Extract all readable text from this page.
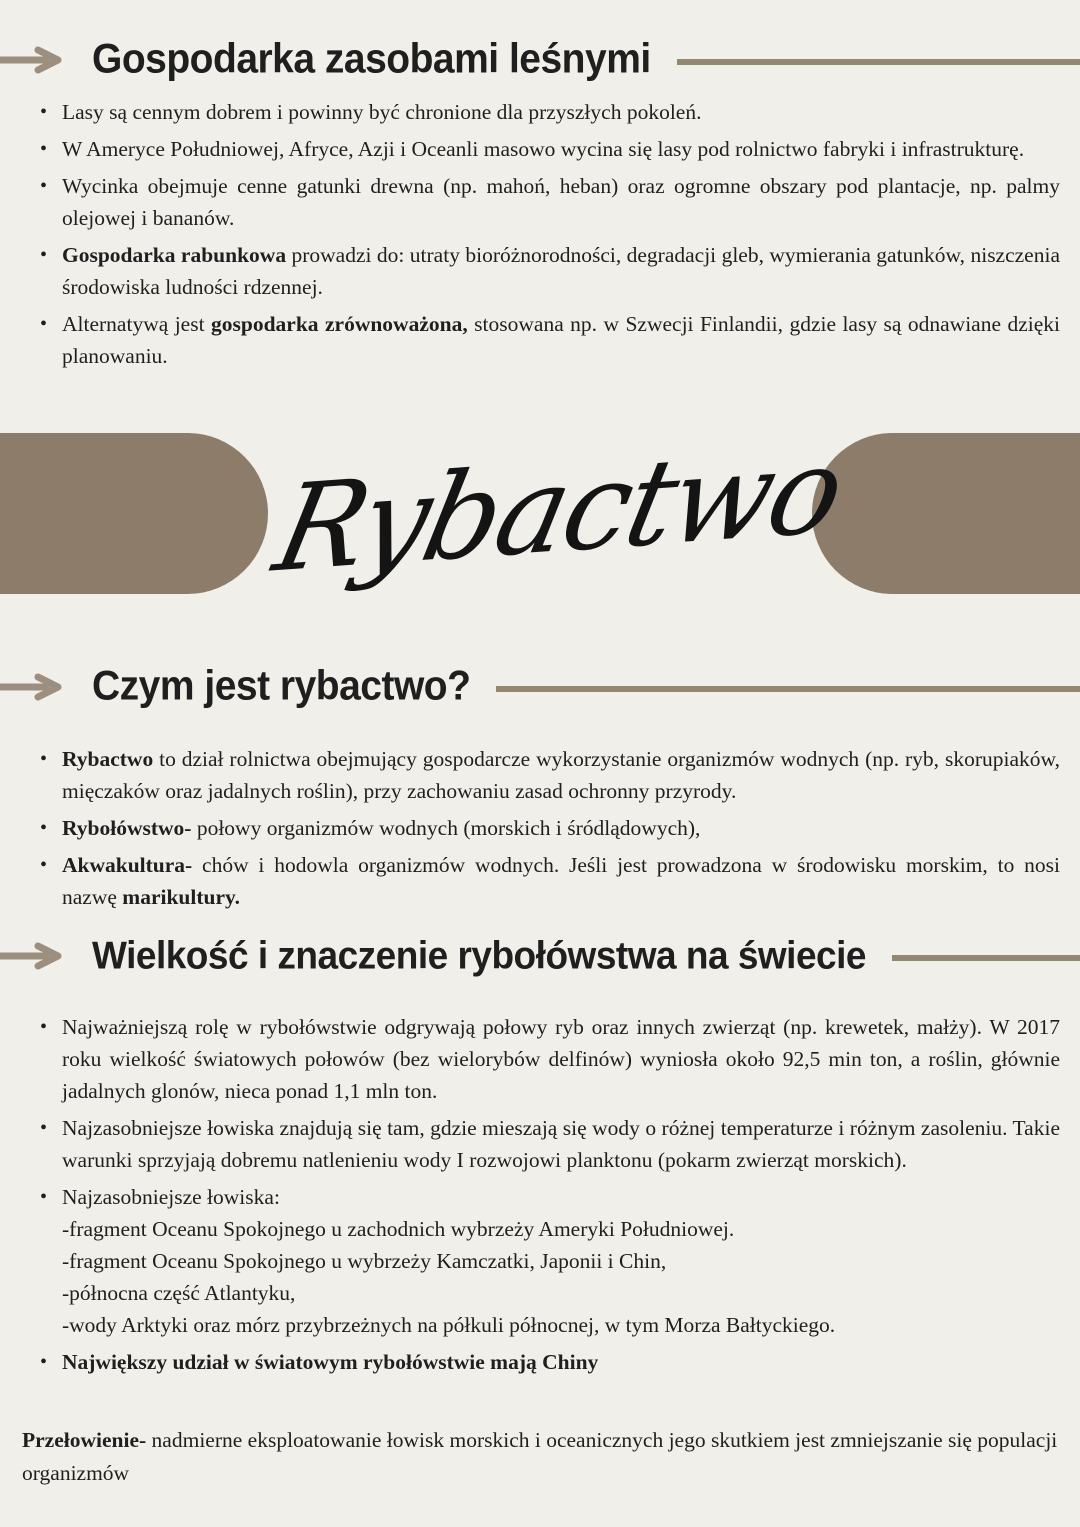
Gospodarka zasobami leśnymi
• Lasy są cennym dobrem i powinny być chronione dla przyszłych pokoleń.
• W Ameryce Południowej, Afryce, Azji i Oceanli masowo wycina się lasy pod rolnictwo fabryki i infrastrukturę.
• Wycinka obejmuje cenne gatunki drewna (np. mahoń, heban) oraz ogromne obszary pod plantacje, np. palmy olejowej i bananów.
• Gospodarka rabunkowa prowadzi do: utraty bioróżnorodności, degradacji gleb, wymierania gatunków, niszczenia środowiska ludności rdzennej.
• Alternatywą jest gospodarka zrównoważona, stosowana np. w Szwecji Finlandii, gdzie lasy są odnawiane dzięki planowaniu.
Rybactwo
Czym jest rybactwo?
• Rybactwo to dział rolnictwa obejmujący gospodarcze wykorzystanie organizmów wodnych (np. ryb, skorupiaków, mięczaków oraz jadalnych roślin), przy zachowaniu zasad ochronny przyrody.
• Rybołówstwo- połowy organizmów wodnych (morskich i śródlądowych),
• Akwakultura- chów i hodowla organizmów wodnych. Jeśli jest prowadzona w środowisku morskim, to nosi nazwę marikultury.
Wielkość i znaczenie rybołówstwa na świecie
• Najważniejszą rolę w rybołówstwie odgrywają połowy ryb oraz innych zwierząt (np. krewetek, małży). W 2017 roku wielkość światowych połowów (bez wielorybów delfinów) wyniosła około 92,5 min ton, a roślin, głównie jadalnych glonów, nieca ponad 1,1 mln ton.
• Najzasobniejsze łowiska znajdują się tam, gdzie mieszają się wody o różnej temperaturze i różnym zasoleniu. Takie warunki sprzyjają dobremu natlenieniu wody I rozwojowi planktonu (pokarm zwierząt morskich).
• Najzasobniejsze łowiska:
-fragment Oceanu Spokojnego u zachodnich wybrzeży Ameryki Południowej.
-fragment Oceanu Spokojnego u wybrzeży Kamczatki, Japonii i Chin,
-północna część Atlantyku,
-wody Arktyki oraz mórz przybrzeżnych na półkuli północnej, w tym Morza Bałtyckiego.
• Największy udział w światowym rybołówstwie mają Chiny

Przełowienie- nadmierne eksploatowanie łowisk morskich i oceanicznych jego skutkiem jest zmniejszanie się populacji organizmów
